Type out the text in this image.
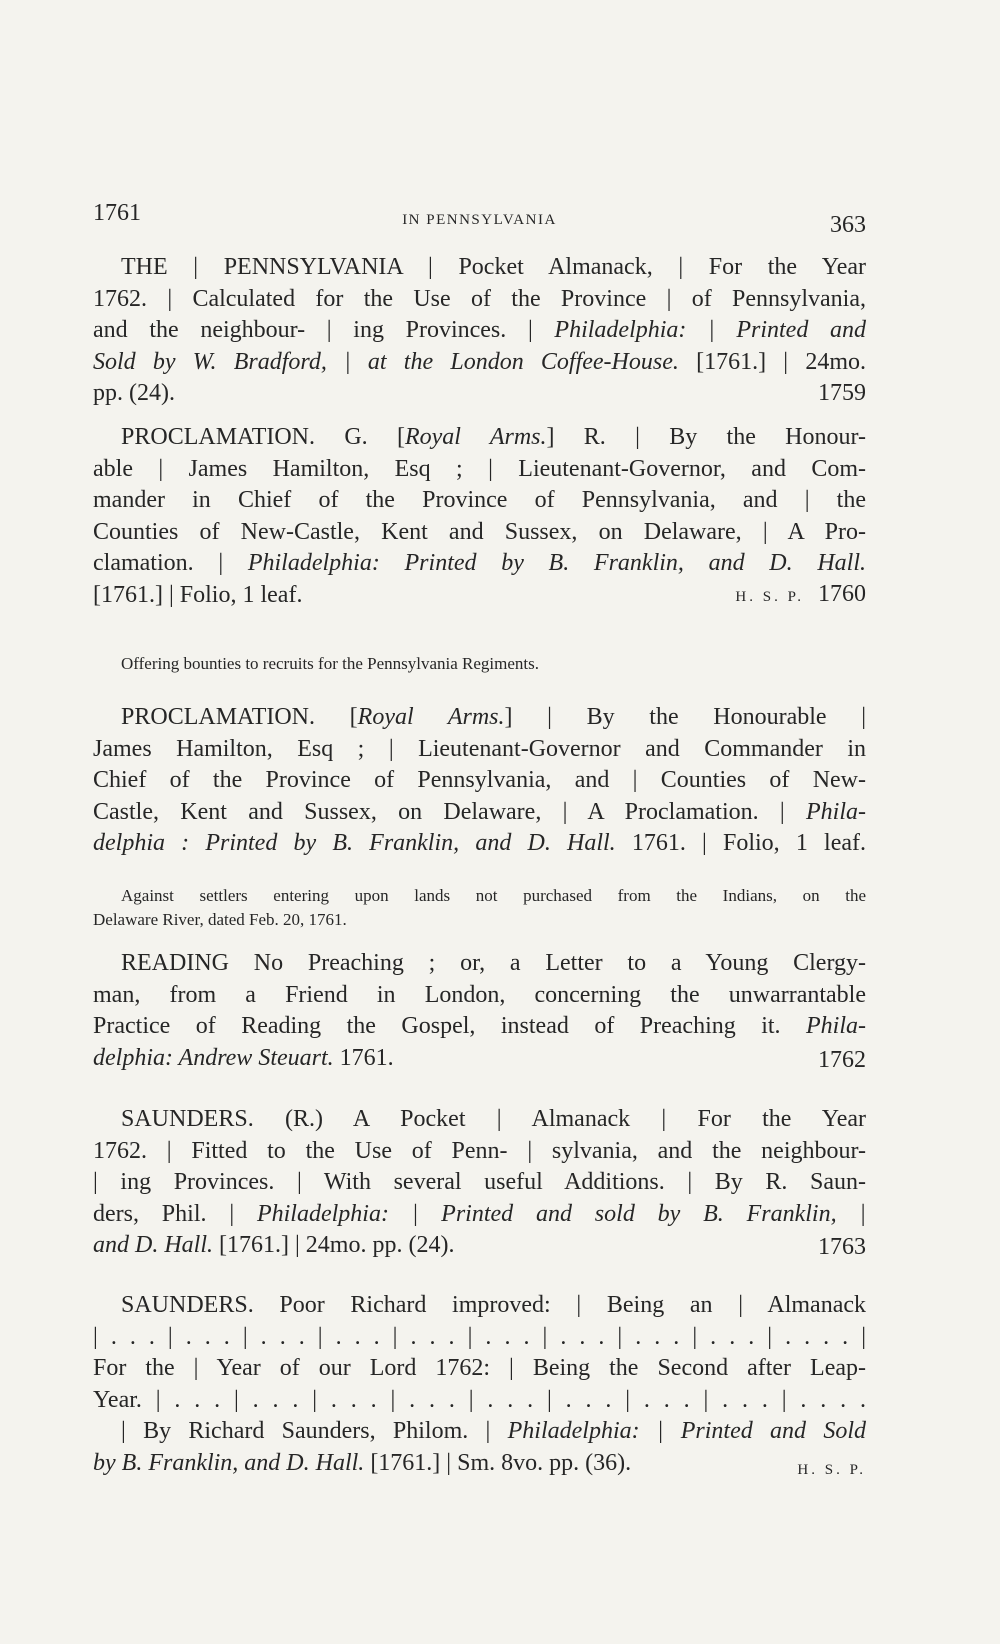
1761	IN PENNSYLVANIA	363
THE | PENNSYLVANIA | Pocket Almanack, | For the Year
1762. | Calculated for the Use of the Province | of Pennsylvania,
and the neighbour- | ing Provinces. | Philadelphia: | Printed and
Sold by W. Bradford, | at the London Coffee-House. [1761.] | 24mo.
pp. (24).	1759
PROCLAMATION. G. [Royal Arms.] R. | By the Honour-
able | James Hamilton, Esq ; | Lieutenant-Governor, and Com-
mander in Chief of the Province of Pennsylvania, and | the
Counties of New-Castle, Kent and Sussex, on Delaware, | A Pro-
clamation. | Philadelphia: Printed by B. Franklin, and D. Hall.
[1761.] | Folio, 1 leaf.	H. S. P. 1760
Offering bounties to recruits for the Pennsylvania Regiments.
PROCLAMATION. [Royal Arms.] | By the Honourable |
James Hamilton, Esq ; | Lieutenant-Governor and Commander in
Chief of the Province of Pennsylvania, and | Counties of New-
Castle, Kent and Sussex, on Delaware, | A Proclamation. | Phila-
delphia : Printed by B. Franklin, and D. Hall. 1761. | Folio, 1 leaf.
Against settlers entering upon lands not purchased from the Indians, on the
Delaware River, dated Feb. 20, 1761.
READING No Preaching ; or, a Letter to a Young Clergy-
man, from a Friend in London, concerning the unwarrantable
Practice of Reading the Gospel, instead of Preaching it. Phila-
delphia: Andrew Steuart. 1761.	1762
SAUNDERS. (R.) A Pocket | Almanack | For the Year
1762. | Fitted to the Use of Penn- | sylvania, and the neighbour-
| ing Provinces. | With several useful Additions. | By R. Saun-
ders, Phil. | Philadelphia: | Printed and sold by B. Franklin, |
and D. Hall. [1761.] | 24mo. pp. (24).	1763
SAUNDERS. Poor Richard improved: | Being an | Almanack
| . . . | . . . | . . . | . . . | . . . | . . . | . . . | . . . | . . . | . . . . |
For the | Year of our Lord 1762: | Being the Second after Leap-
Year. | . . . | . . . | . . . | . . . | . . . | . . . | . . . | . . . | . . . .
| By Richard Saunders, Philom. | Philadelphia: | Printed and Sold
by B. Franklin, and D. Hall. [1761.] | Sm. 8vo. pp. (36).	H. S. P.
